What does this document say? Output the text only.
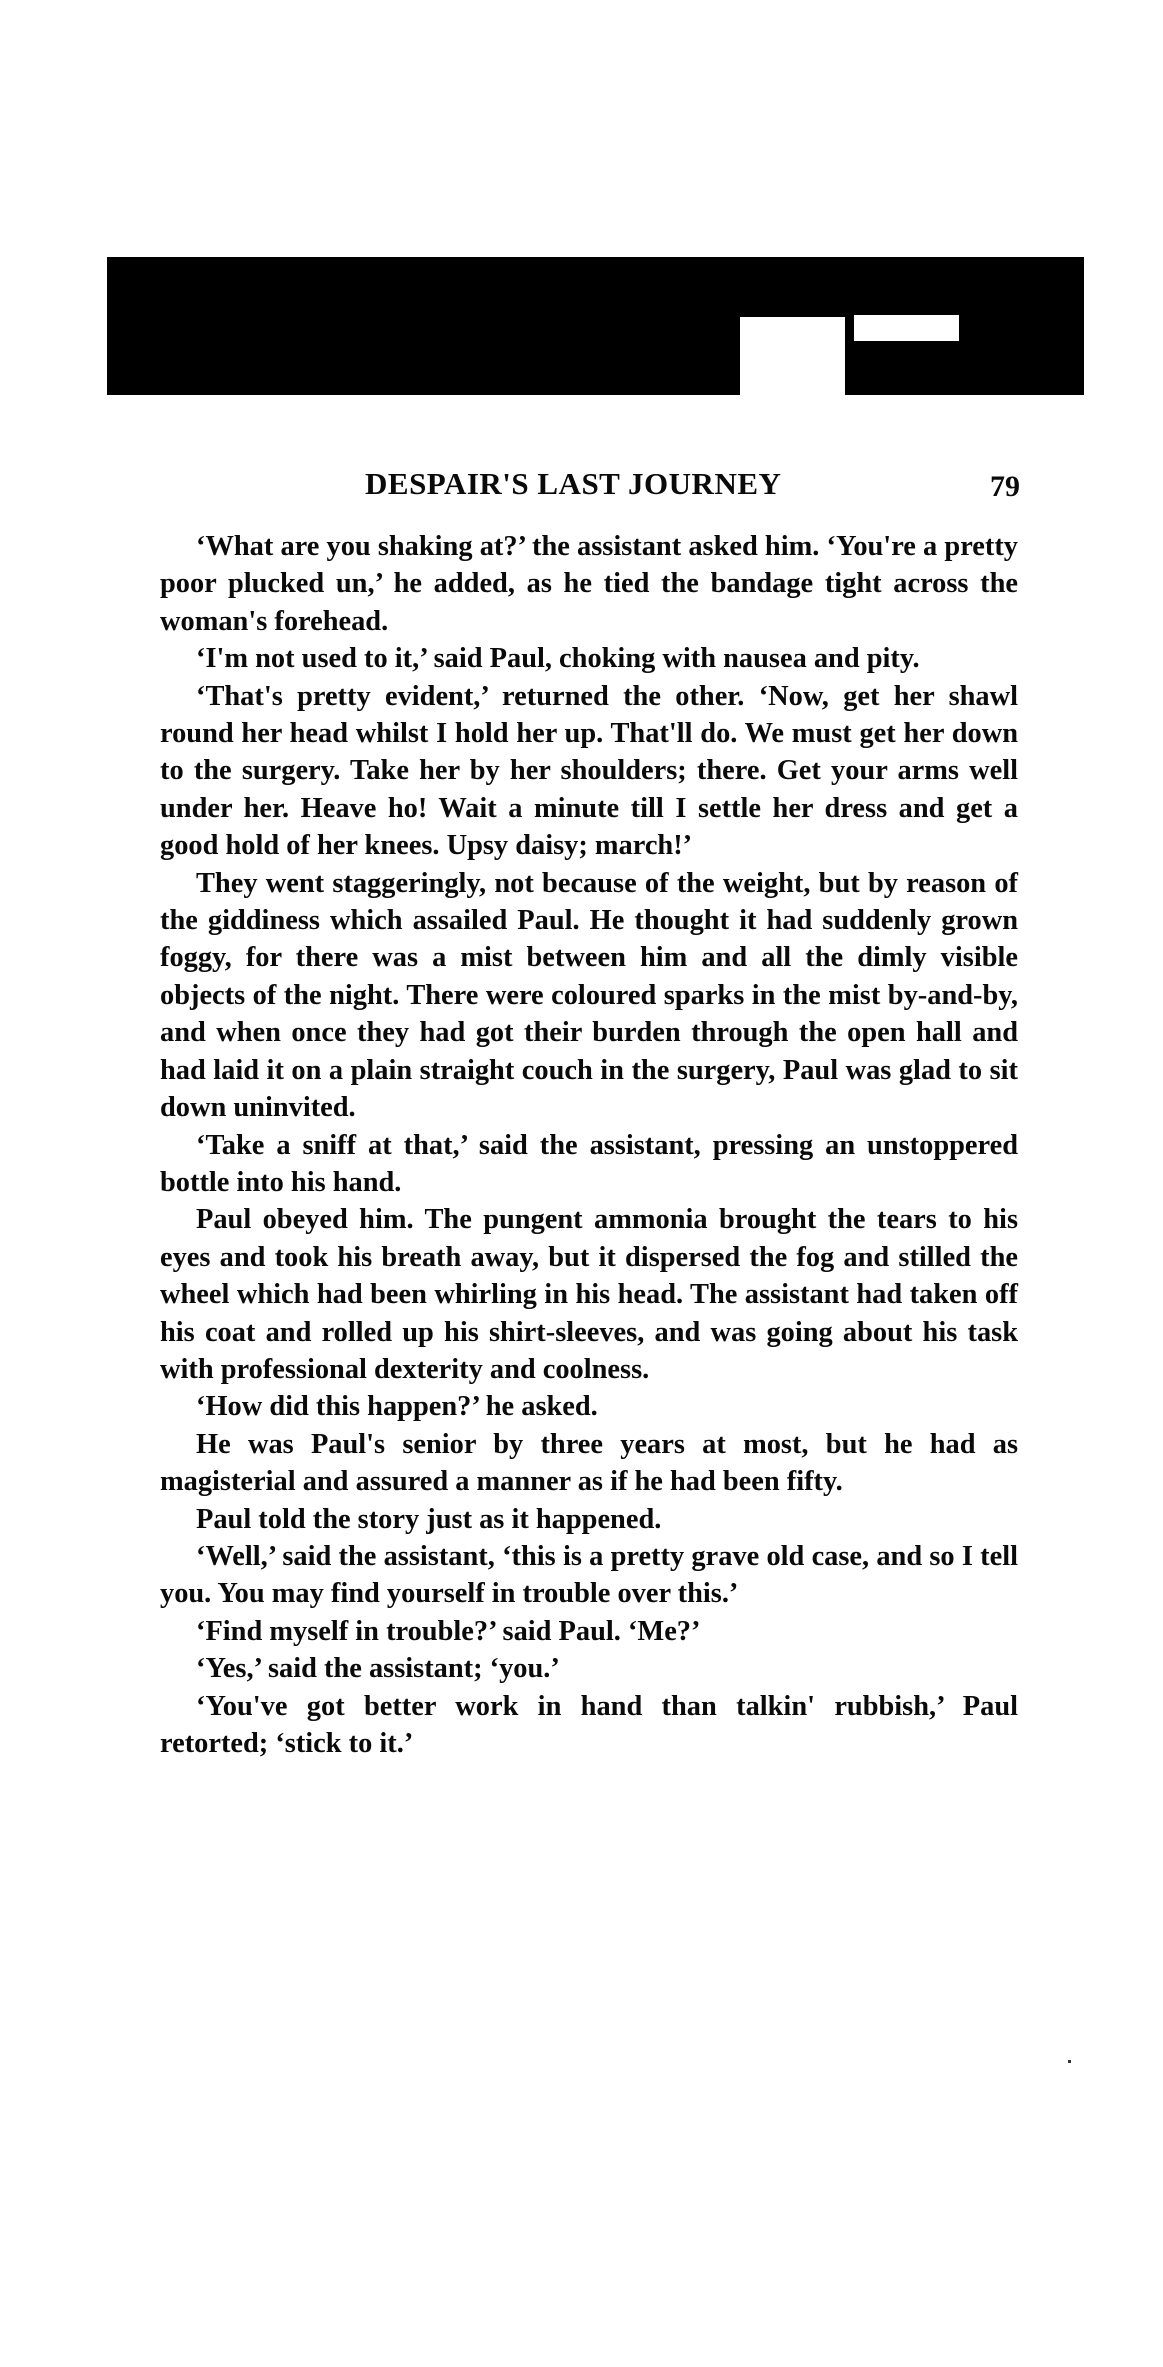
DESPAIR'S LAST JOURNEY	79

‘What are you shaking at?’ the assistant asked him. ‘You're a pretty poor plucked un,’ he added, as he tied the bandage tight across the woman's forehead.

‘I'm not used to it,’ said Paul, choking with nausea and pity.

‘That's pretty evident,’ returned the other. ‘Now, get her shawl round her head whilst I hold her up. That'll do. We must get her down to the surgery. Take her by her shoulders; there. Get your arms well under her. Heave ho! Wait a minute till I settle her dress and get a good hold of her knees. Upsy daisy; march!’

They went staggeringly, not because of the weight, but by reason of the giddiness which assailed Paul. He thought it had suddenly grown foggy, for there was a mist between him and all the dimly visible objects of the night. There were coloured sparks in the mist by-and-by, and when once they had got their burden through the open hall and had laid it on a plain straight couch in the surgery, Paul was glad to sit down uninvited.

‘Take a sniff at that,’ said the assistant, pressing an unstoppered bottle into his hand.

Paul obeyed him. The pungent ammonia brought the tears to his eyes and took his breath away, but it dispersed the fog and stilled the wheel which had been whirling in his head. The assistant had taken off his coat and rolled up his shirt-sleeves, and was going about his task with professional dexterity and coolness.

‘How did this happen?’ he asked.

He was Paul's senior by three years at most, but he had as magisterial and assured a manner as if he had been fifty.

Paul told the story just as it happened.

‘Well,’ said the assistant, ‘this is a pretty grave old case, and so I tell you. You may find yourself in trouble over this.’

‘Find myself in trouble?’ said Paul. ‘Me?’

‘Yes,’ said the assistant; ‘you.’

‘You've got better work in hand than talkin' rubbish,’ Paul retorted; ‘stick to it.’
